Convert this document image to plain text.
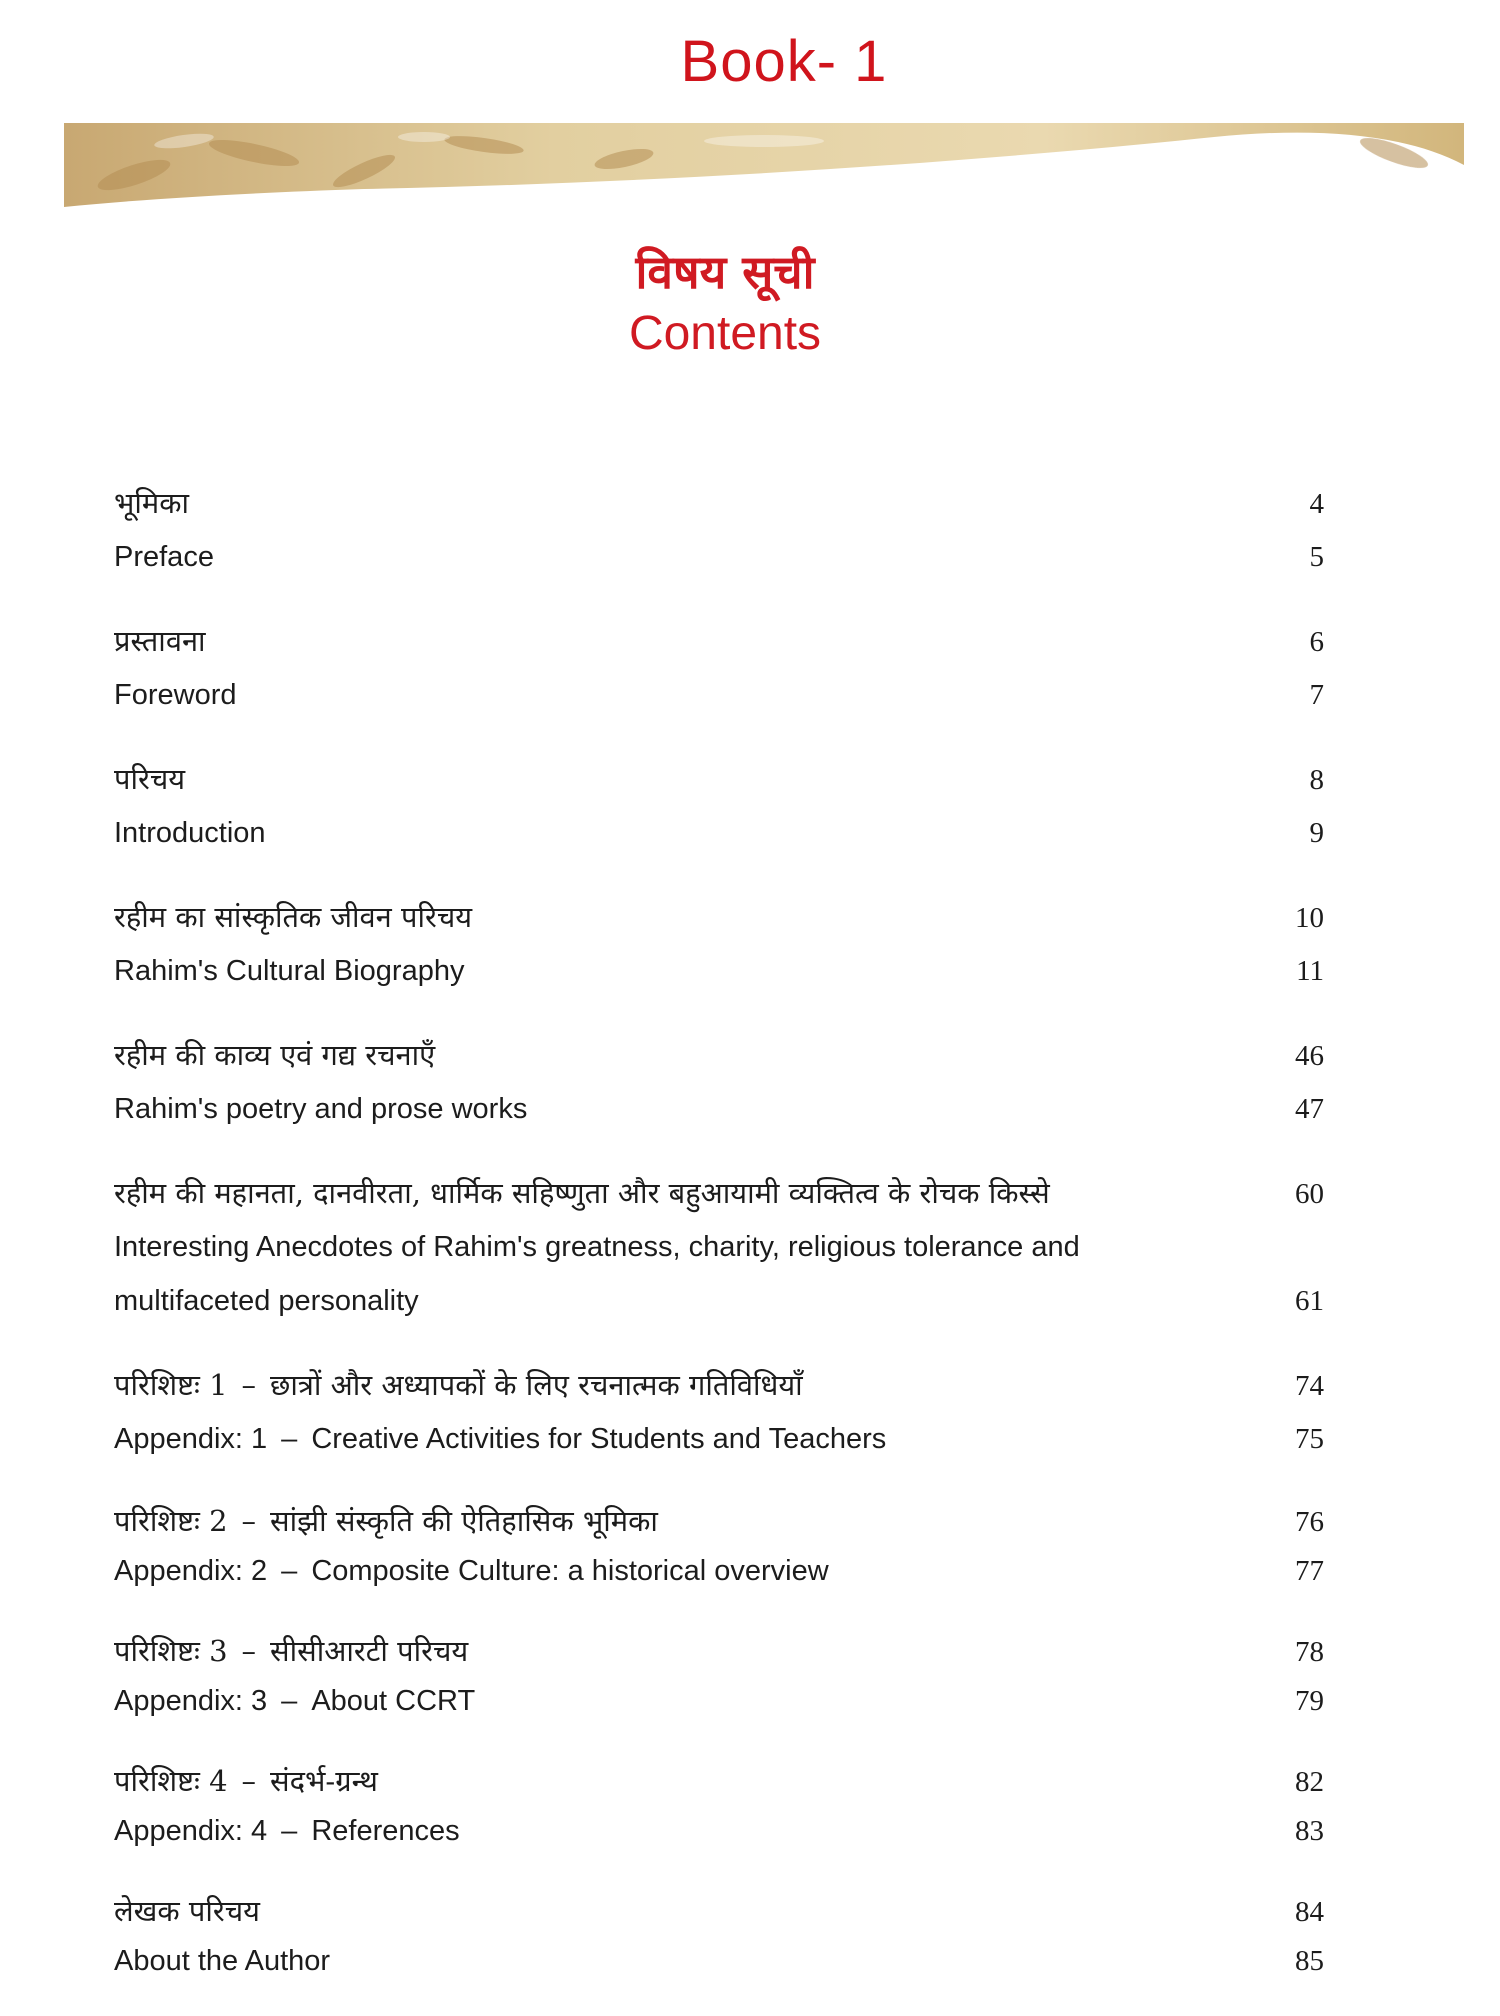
Book- 1
विषय सूची
Contents
भूमिका	4
Preface	5
प्रस्तावना	6
Foreword	7
परिचय	8
Introduction	9
रहीम का सांस्कृतिक जीवन परिचय	10
Rahim's Cultural Biography	11
रहीम की काव्य एवं गद्य रचनाएँ	46
Rahim's poetry and prose works	47
रहीम की महानता, दानवीरता, धार्मिक सहिष्णुता और बहुआयामी व्यक्तित्व के रोचक किस्से	60
Interesting Anecdotes of Rahim's greatness, charity, religious tolerance and
multifaceted personality	61
परिशिष्टः 1 – छात्रों और अध्यापकों के लिए रचनात्मक गतिविधियाँ	74
Appendix: 1 – Creative Activities for Students and Teachers	75
परिशिष्टः 2 – सांझी संस्कृति की ऐतिहासिक भूमिका	76
Appendix: 2 – Composite Culture: a historical overview	77
परिशिष्टः 3 – सीसीआरटी परिचय	78
Appendix: 3 – About CCRT	79
परिशिष्टः 4 – संदर्भ-ग्रन्थ	82
Appendix: 4 – References	83
लेखक परिचय	84
About the Author	85
